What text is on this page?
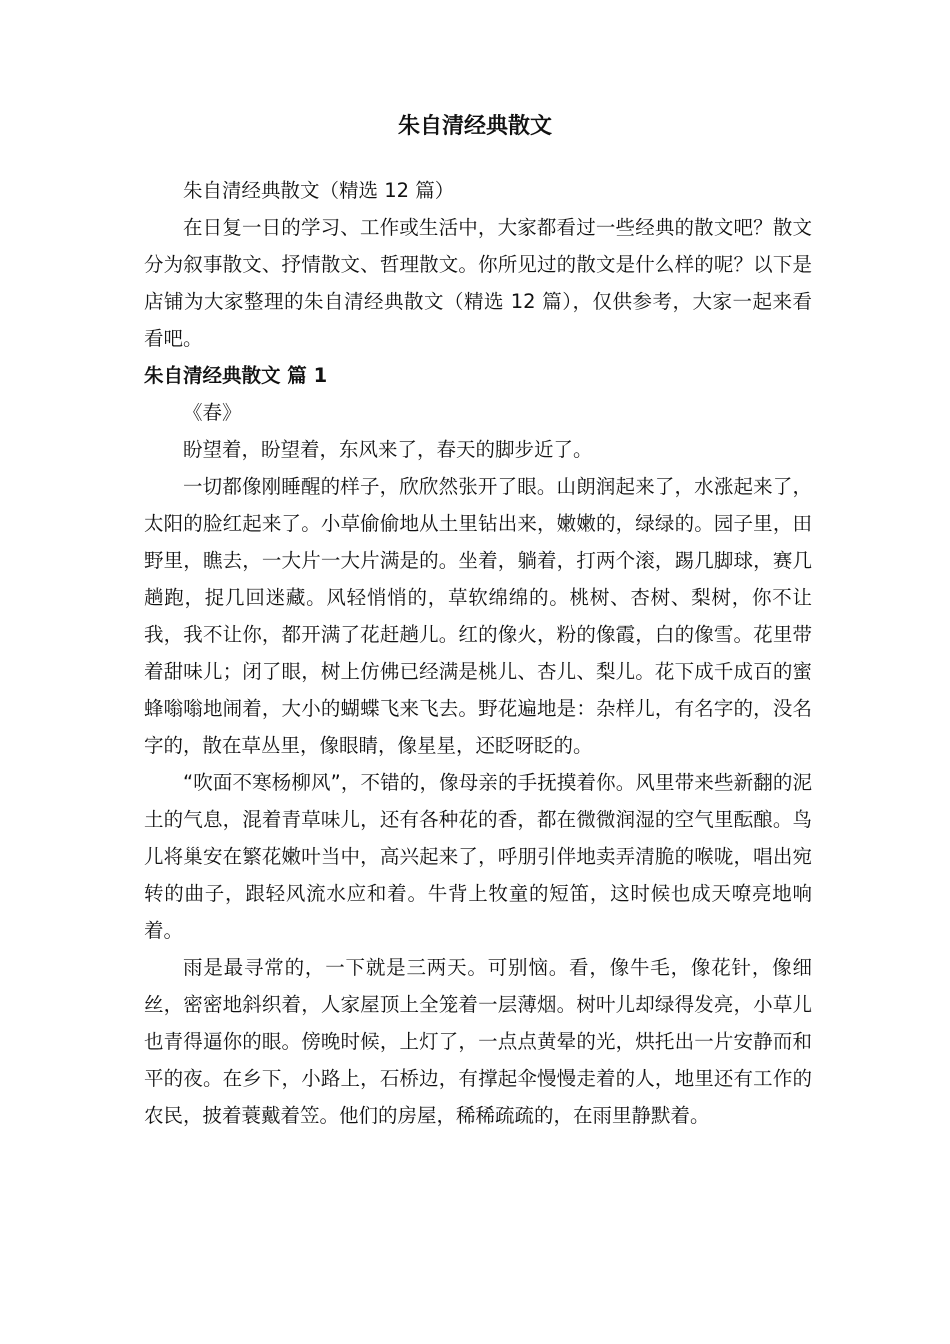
朱自清经典散文

朱自清经典散文（精选 12 篇）

在日复一日的学习、工作或生活中，大家都看过一些经典的散文吧？散文分为叙事散文、抒情散文、哲理散文。你所见过的散文是什么样的呢？以下是店铺为大家整理的朱自清经典散文（精选 12 篇），仅供参考，大家一起来看看吧。

朱自清经典散文 篇 1

《春》

盼望着，盼望着，东风来了，春天的脚步近了。

一切都像刚睡醒的样子，欣欣然张开了眼。山朗润起来了，水涨起来了，太阳的脸红起来了。小草偷偷地从土里钻出来，嫩嫩的，绿绿的。园子里，田野里，瞧去，一大片一大片满是的。坐着，躺着，打两个滚，踢几脚球，赛几趟跑，捉几回迷藏。风轻悄悄的，草软绵绵的。桃树、杏树、梨树，你不让我，我不让你，都开满了花赶趟儿。红的像火，粉的像霞，白的像雪。花里带着甜味儿；闭了眼，树上仿佛已经满是桃儿、杏儿、梨儿。花下成千成百的蜜蜂嗡嗡地闹着，大小的蝴蝶飞来飞去。野花遍地是：杂样儿，有名字的，没名字的，散在草丛里，像眼睛，像星星，还眨呀眨的。

“吹面不寒杨柳风”，不错的，像母亲的手抚摸着你。风里带来些新翻的泥土的气息，混着青草味儿，还有各种花的香，都在微微润湿的空气里酝酿。鸟儿将巢安在繁花嫩叶当中，高兴起来了，呼朋引伴地卖弄清脆的喉咙，唱出宛转的曲子，跟轻风流水应和着。牛背上牧童的短笛，这时候也成天嘹亮地响着。

雨是最寻常的，一下就是三两天。可别恼。看，像牛毛，像花针，像细丝，密密地斜织着，人家屋顶上全笼着一层薄烟。树叶儿却绿得发亮，小草儿也青得逼你的眼。傍晚时候，上灯了，一点点黄晕的光，烘托出一片安静而和平的夜。在乡下，小路上，石桥边，有撑起伞慢慢走着的人，地里还有工作的农民，披着蓑戴着笠。他们的房屋，稀稀疏疏的，在雨里静默着。
